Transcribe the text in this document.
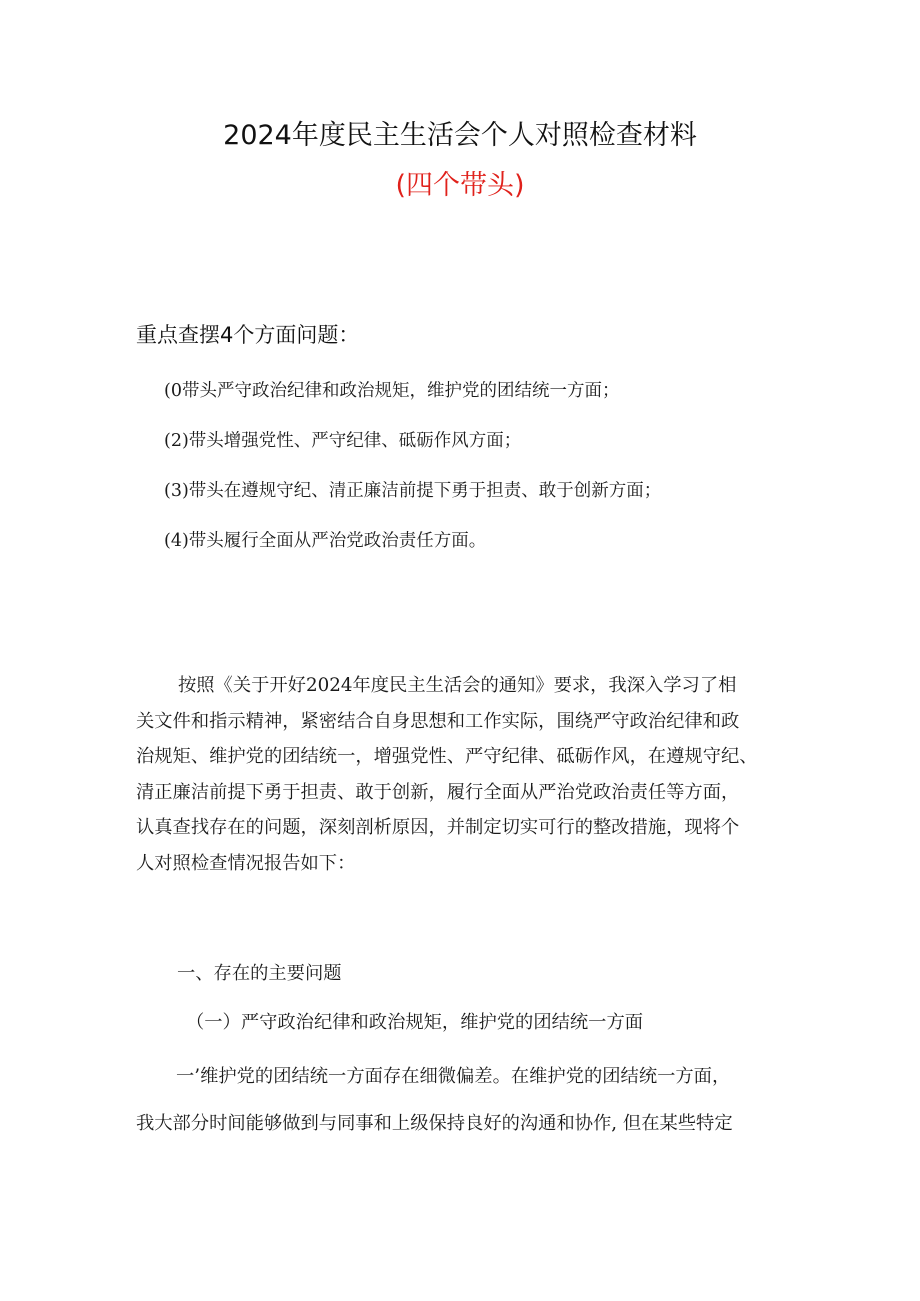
2024年度民主生活会个人对照检查材料
(四个带头)
重点查摆4个方面问题：
(0带头严守政治纪律和政治规矩，维护党的团结统一方面；
(2)带头增强党性、严守纪律、砥砺作风方面；
(3)带头在遵规守纪、清正廉洁前提下勇于担责、敢于创新方面；
(4)带头履行全面从严治党政治责任方面。
按照《关于开好2024年度民主生活会的通知》要求，我深入学习了相
关文件和指示精神，紧密结合自身思想和工作实际，围绕严守政治纪律和政
治规矩、维护党的团结统一，增强党性、严守纪律、砥砺作风，在遵规守纪、
清正廉洁前提下勇于担责、敢于创新，履行全面从严治党政治责任等方面，
认真查找存在的问题，深刻剖析原因，并制定切实可行的整改措施，现将个
人对照检查情况报告如下：
一、存在的主要问题
（一）严守政治纪律和政治规矩，维护党的团结统一方面
一’维护党的团结统一方面存在细微偏差。在维护党的团结统一方面，
我大部分时间能够做到与同事和上级保持良好的沟通和协作, 但在某些特定
